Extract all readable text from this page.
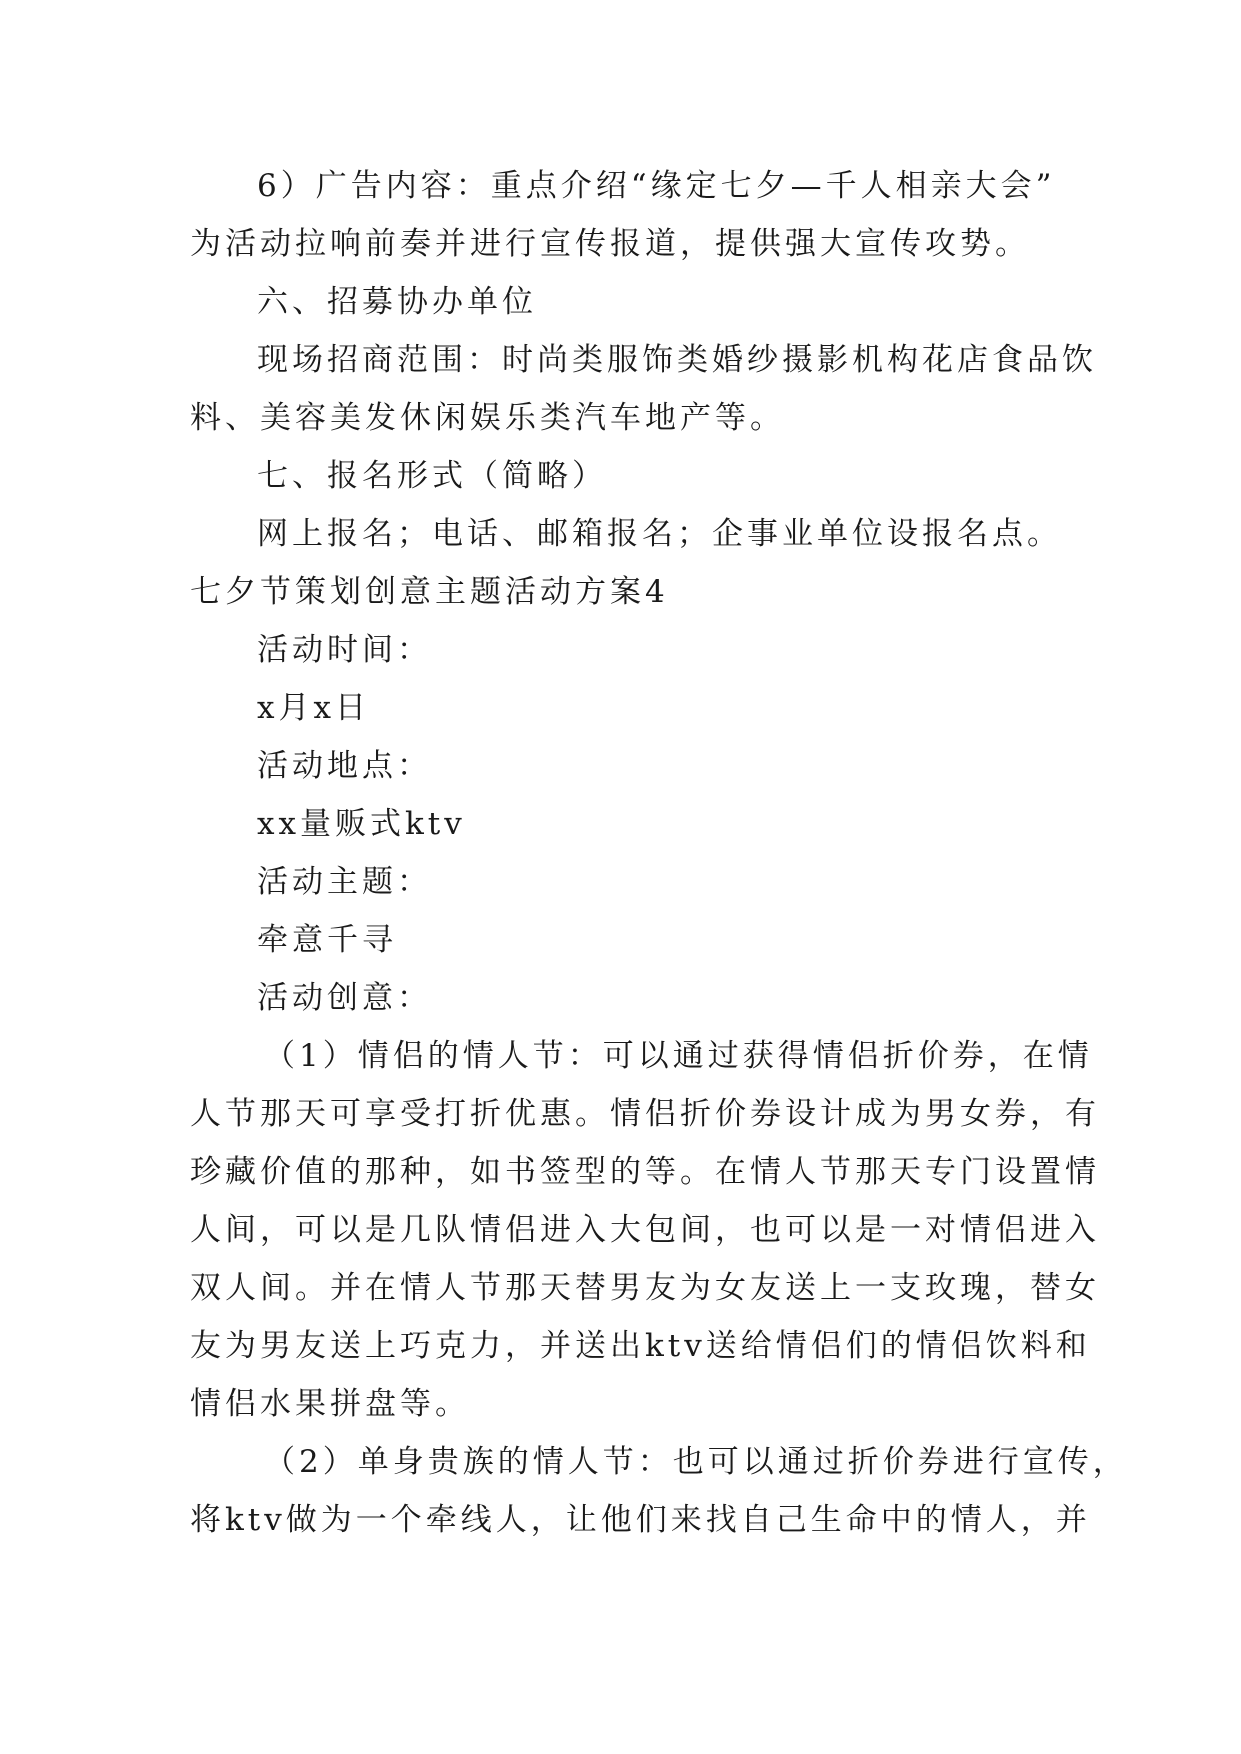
6）广告内容：重点介绍“缘定七夕—千人相亲大会”
为活动拉响前奏并进行宣传报道，提供强大宣传攻势。
六、招募协办单位
现场招商范围：时尚类服饰类婚纱摄影机构花店食品饮
料、美容美发休闲娱乐类汽车地产等。
七、报名形式（简略）
网上报名；电话、邮箱报名；企事业单位设报名点。
七夕节策划创意主题活动方案4
活动时间：
x月x日
活动地点：
xx量贩式ktv
活动主题：
牵意千寻
活动创意：
（1）情侣的情人节：可以通过获得情侣折价券，在情
人节那天可享受打折优惠。情侣折价券设计成为男女券，有
珍藏价值的那种，如书签型的等。在情人节那天专门设置情
人间，可以是几队情侣进入大包间，也可以是一对情侣进入
双人间。并在情人节那天替男友为女友送上一支玫瑰，替女
友为男友送上巧克力，并送出ktv送给情侣们的情侣饮料和
情侣水果拼盘等。
（2）单身贵族的情人节：也可以通过折价券进行宣传，
将ktv做为一个牵线人，让他们来找自己生命中的情人，并
